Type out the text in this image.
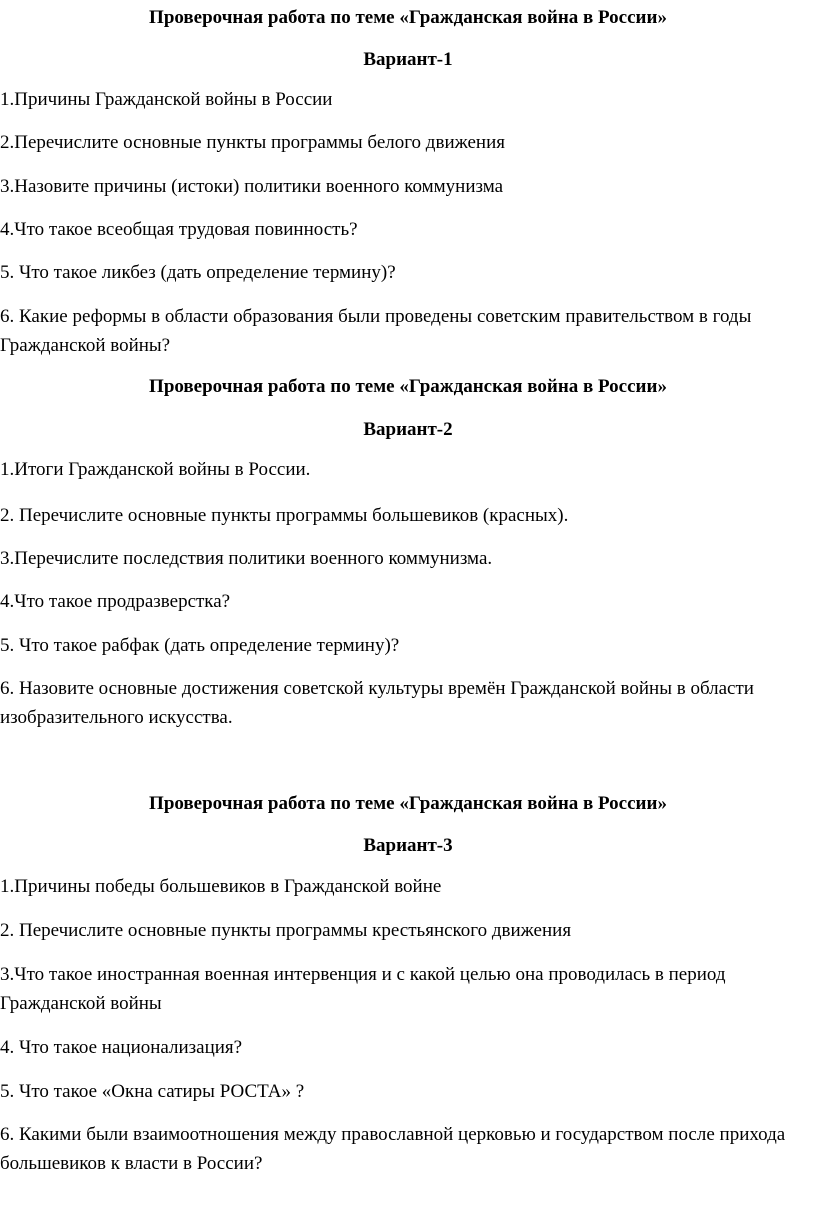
Проверочная работа по теме «Гражданская война в России»
Вариант-1
1.Причины Гражданской войны в России
2.Перечислите основные пункты программы белого движения
3.Назовите причины (истоки) политики военного коммунизма
4.Что такое всеобщая трудовая повинность?
5. Что такое ликбез (дать определение термину)?
6. Какие реформы в области образования были проведены советским правительством в годы Гражданской войны?
Проверочная работа по теме «Гражданская война в России»
Вариант-2
1.Итоги Гражданской войны в России.
2. Перечислите основные пункты программы большевиков (красных).
3.Перечислите последствия политики военного коммунизма.
4.Что такое продразверстка?
5. Что такое рабфак (дать определение термину)?
6. Назовите основные достижения советской культуры времён Гражданской войны в области изобразительного искусства.
Проверочная работа по теме «Гражданская война в России»
Вариант-3
1.Причины победы большевиков в Гражданской войне
2. Перечислите основные пункты программы крестьянского движения
3.Что такое иностранная военная интервенция и с какой целью она проводилась в период Гражданской войны
4. Что такое национализация?
5. Что такое «Окна сатиры РОСТА» ?
6. Какими были взаимоотношения между православной церковью и государством после прихода большевиков к власти в России?
